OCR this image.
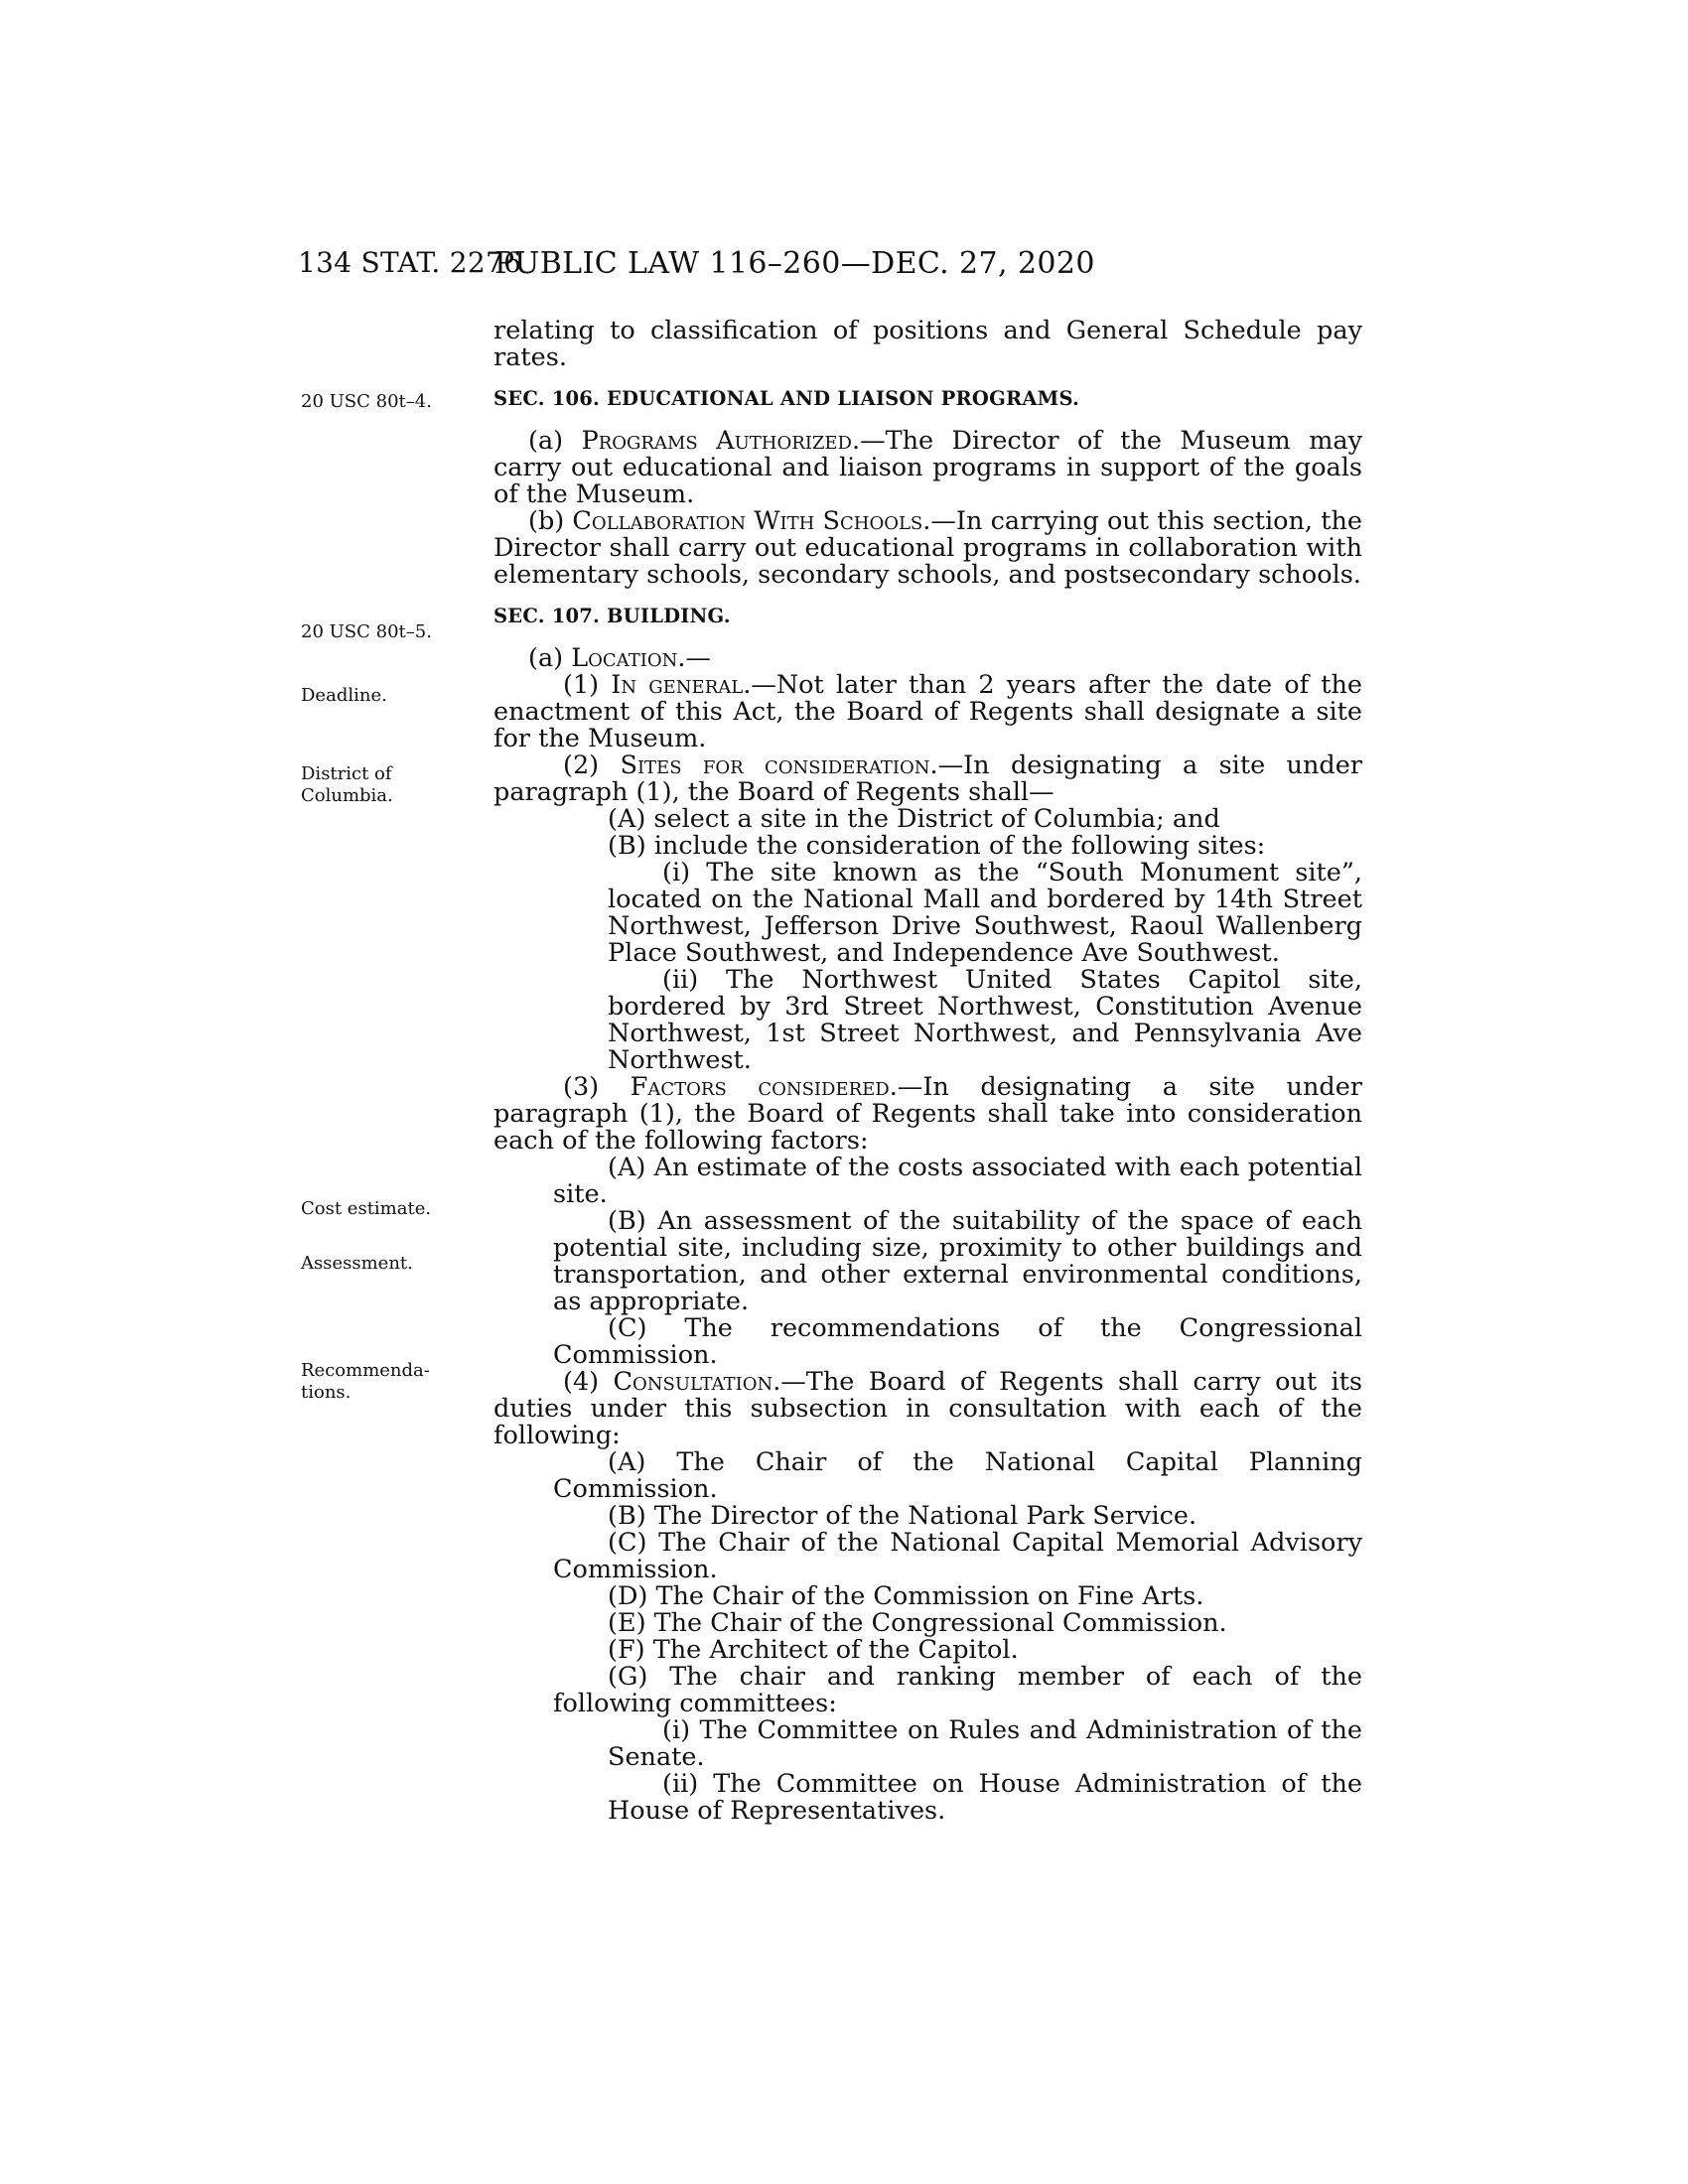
134 STAT. 2276
PUBLIC LAW 116–260—DEC. 27, 2020
20 USC 80t–4.
20 USC 80t–5.
Deadline.
District of
Columbia.
Cost estimate.
Assessment.
Recommenda-
tions.

relating to classification of positions and General Schedule pay rates.

SEC. 106. EDUCATIONAL AND LIAISON PROGRAMS.

(a) Programs Authorized.—The Director of the Museum may carry out educational and liaison programs in support of the goals of the Museum.

(b) Collaboration With Schools.—In carrying out this section, the Director shall carry out educational programs in collaboration with elementary schools, secondary schools, and postsecondary schools.

SEC. 107. BUILDING.

(a) Location.—

(1) In general.—Not later than 2 years after the date of the enactment of this Act, the Board of Regents shall designate a site for the Museum.

(2) Sites for consideration.—In designating a site under paragraph (1), the Board of Regents shall—

(A) select a site in the District of Columbia; and

(B) include the consideration of the following sites:

(i) The site known as the “South Monument site”, located on the National Mall and bordered by 14th Street Northwest, Jefferson Drive Southwest, Raoul Wallenberg Place Southwest, and Independence Ave Southwest.

(ii) The Northwest United States Capitol site, bordered by 3rd Street Northwest, Constitution Avenue Northwest, 1st Street Northwest, and Pennsylvania Ave Northwest.

(3) Factors considered.—In designating a site under paragraph (1), the Board of Regents shall take into consideration each of the following factors:

(A) An estimate of the costs associated with each potential site.

(B) An assessment of the suitability of the space of each potential site, including size, proximity to other buildings and transportation, and other external environmental conditions, as appropriate.

(C) The recommendations of the Congressional Commission.

(4) Consultation.—The Board of Regents shall carry out its duties under this subsection in consultation with each of the following:

(A) The Chair of the National Capital Planning Commission.

(B) The Director of the National Park Service.

(C) The Chair of the National Capital Memorial Advisory Commission.

(D) The Chair of the Commission on Fine Arts.

(E) The Chair of the Congressional Commission.

(F) The Architect of the Capitol.

(G) The chair and ranking member of each of the following committees:

(i) The Committee on Rules and Administration of the Senate.

(ii) The Committee on House Administration of the House of Representatives.
